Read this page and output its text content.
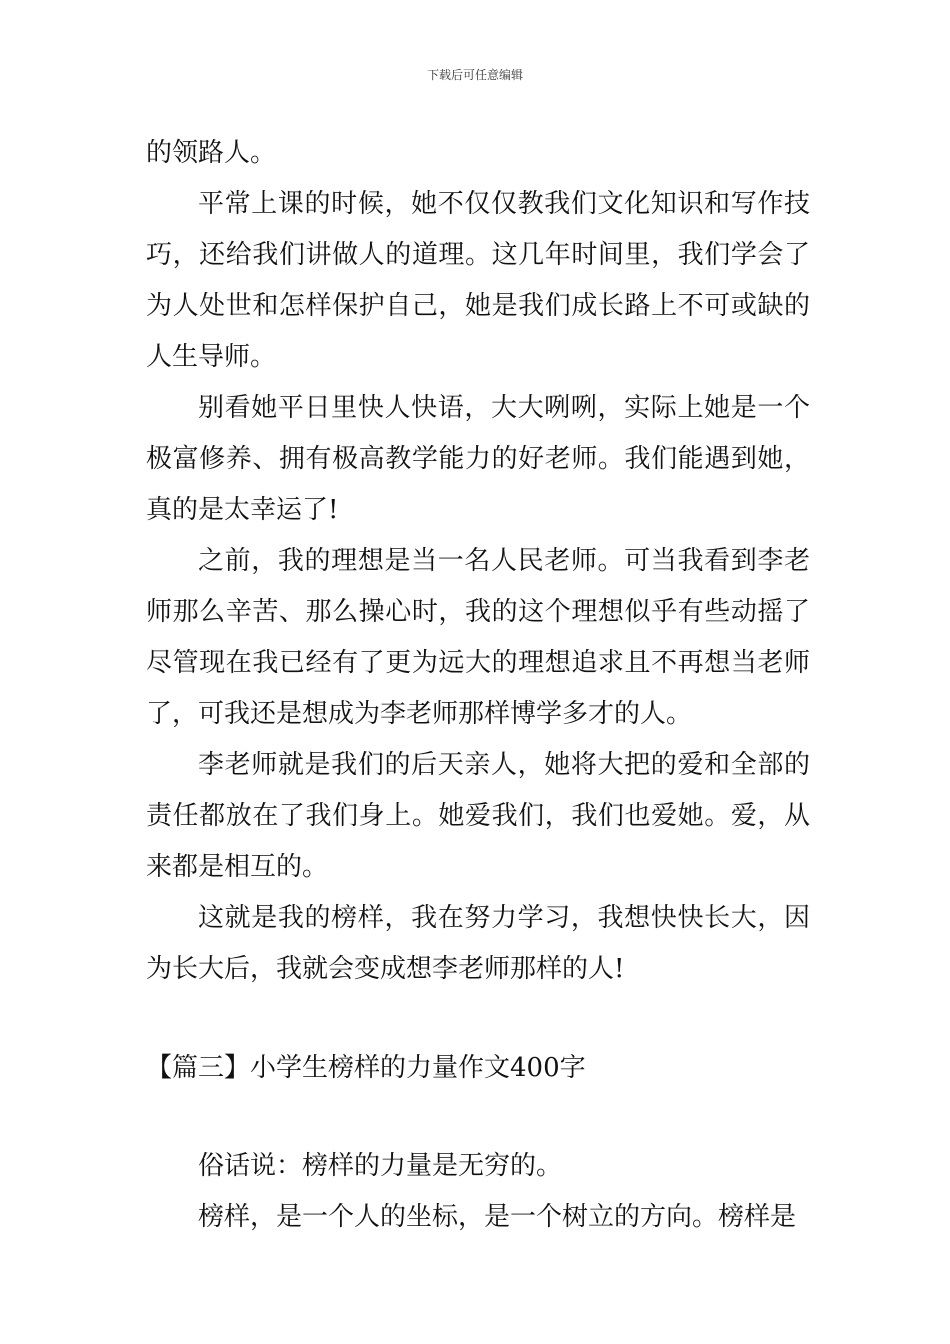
下载后可任意编辑

的领路人。

平常上课的时候，她不仅仅教我们文化知识和写作技巧，还给我们讲做人的道理。这几年时间里，我们学会了为人处世和怎样保护自己，她是我们成长路上不可或缺的人生导师。

别看她平日里快人快语，大大咧咧，实际上她是一个极富修养、拥有极高教学能力的好老师。我们能遇到她，真的是太幸运了!

之前，我的理想是当一名人民老师。可当我看到李老师那么辛苦、那么操心时，我的这个理想似乎有些动摇了尽管现在我已经有了更为远大的理想追求且不再想当老师了，可我还是想成为李老师那样博学多才的人。

李老师就是我们的后天亲人，她将大把的爱和全部的责任都放在了我们身上。她爱我们，我们也爱她。爱，从来都是相互的。

这就是我的榜样，我在努力学习，我想快快长大，因为长大后，我就会变成想李老师那样的人!

【篇三】小学生榜样的力量作文400字

俗话说：榜样的力量是无穷的。

榜样，是一个人的坐标，是一个树立的方向。榜样是
